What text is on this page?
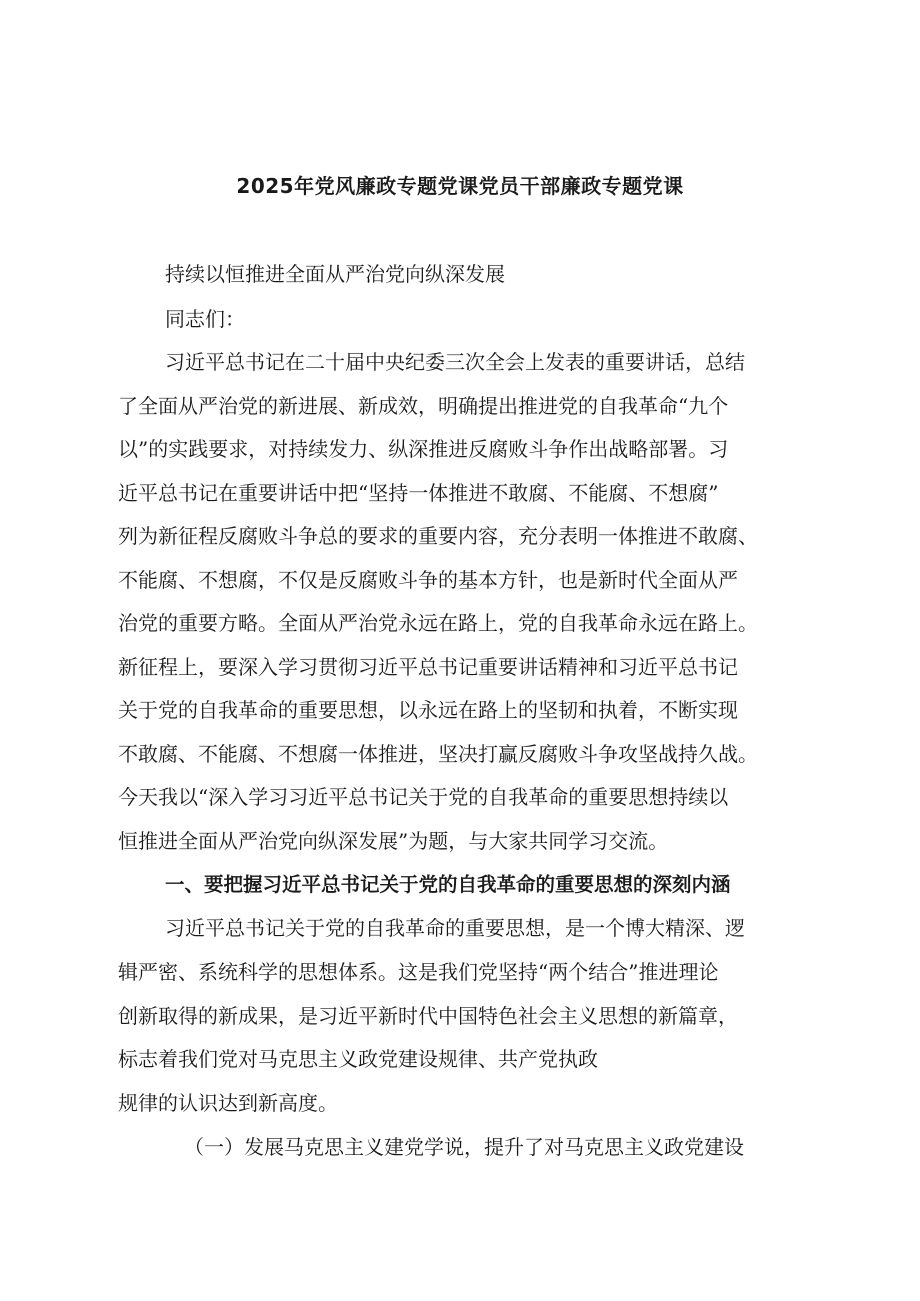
2025年党风廉政专题党课党员干部廉政专题党课
持续以恒推进全面从严治党向纵深发展
同志们：
习近平总书记在二十届中央纪委三次全会上发表的重要讲话，总结
了全面从严治党的新进展、新成效，明确提出推进党的自我革命“九个
以”的实践要求，对持续发力、纵深推进反腐败斗争作出战略部署。习
近平总书记在重要讲话中把“坚持一体推进不敢腐、不能腐、不想腐”
列为新征程反腐败斗争总的要求的重要内容，充分表明一体推进不敢腐、
不能腐、不想腐，不仅是反腐败斗争的基本方针，也是新时代全面从严
治党的重要方略。全面从严治党永远在路上，党的自我革命永远在路上。
新征程上，要深入学习贯彻习近平总书记重要讲话精神和习近平总书记
关于党的自我革命的重要思想，以永远在路上的坚韧和执着，不断实现
不敢腐、不能腐、不想腐一体推进，坚决打赢反腐败斗争攻坚战持久战。
今天我以“深入学习习近平总书记关于党的自我革命的重要思想持续以
恒推进全面从严治党向纵深发展”为题，与大家共同学习交流。
一、要把握习近平总书记关于党的自我革命的重要思想的深刻内涵
习近平总书记关于党的自我革命的重要思想，是一个博大精深、逻
辑严密、系统科学的思想体系。这是我们党坚持“两个结合”推进理论
创新取得的新成果，是习近平新时代中国特色社会主义思想的新篇章，
标志着我们党对马克思主义政党建设规律、共产党执政
规律的认识达到新高度。
（一）发展马克思主义建党学说，提升了对马克思主义政党建设
